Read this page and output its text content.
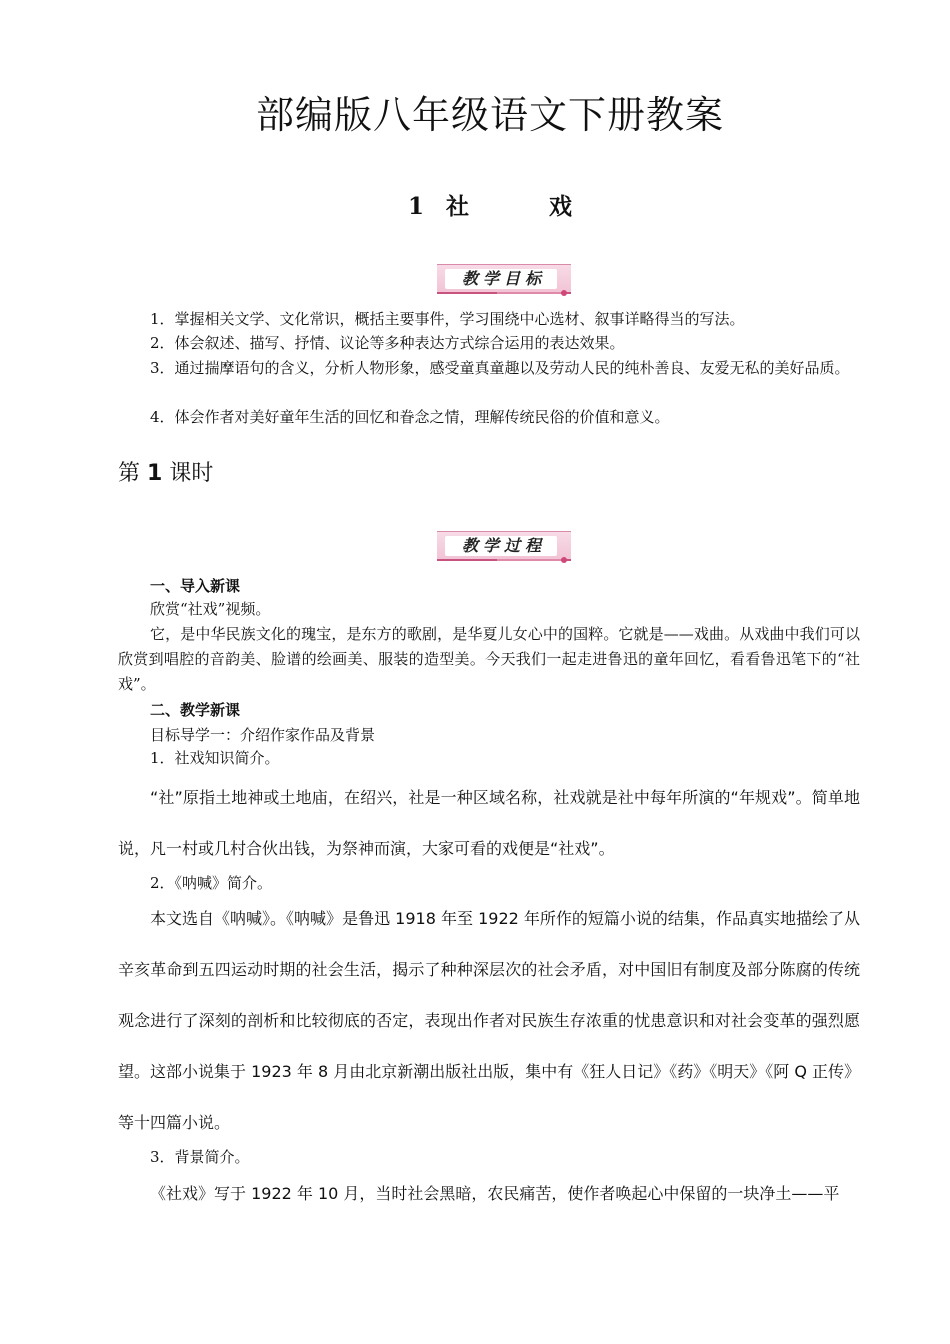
部编版八年级语文下册教案
1 社    戏
教学目标
1．掌握相关文学、文化常识，概括主要事件，学习围绕中心选材、叙事详略得当的写法。
2．体会叙述、描写、抒情、议论等多种表达方式综合运用的表达效果。
3．通过揣摩语句的含义，分析人物形象，感受童真童趣以及劳动人民的纯朴善良、友爱无私的美好品质。
4．体会作者对美好童年生活的回忆和眷念之情，理解传统民俗的价值和意义。
第 1 课时
教学过程
一、导入新课
欣赏“社戏”视频。
它，是中华民族文化的瑰宝，是东方的歌剧，是华夏儿女心中的国粹。它就是——戏曲。从戏曲中我们可以欣赏到唱腔的音韵美、脸谱的绘画美、服装的造型美。今天我们一起走进鲁迅的童年回忆，看看鲁迅笔下的“社戏”。
二、教学新课
目标导学一：介绍作家作品及背景
1．社戏知识简介。
“社”原指土地神或土地庙，在绍兴，社是一种区域名称，社戏就是社中每年所演的“年规戏”。简单地说，凡一村或几村合伙出钱，为祭神而演，大家可看的戏便是“社戏”。
2．《呐喊》简介。
本文选自《呐喊》。《呐喊》是鲁迅 1918 年至 1922 年所作的短篇小说的结集，作品真实地描绘了从辛亥革命到五四运动时期的社会生活，揭示了种种深层次的社会矛盾，对中国旧有制度及部分陈腐的传统观念进行了深刻的剖析和比较彻底的否定，表现出作者对民族生存浓重的忧患意识和对社会变革的强烈愿望。这部小说集于 1923 年 8 月由北京新潮出版社出版，集中有《狂人日记》《药》《明天》《阿 Q 正传》等十四篇小说。
3．背景简介。
《社戏》写于 1922 年 10 月，当时社会黑暗，农民痛苦，使作者唤起心中保留的一块净土——平
